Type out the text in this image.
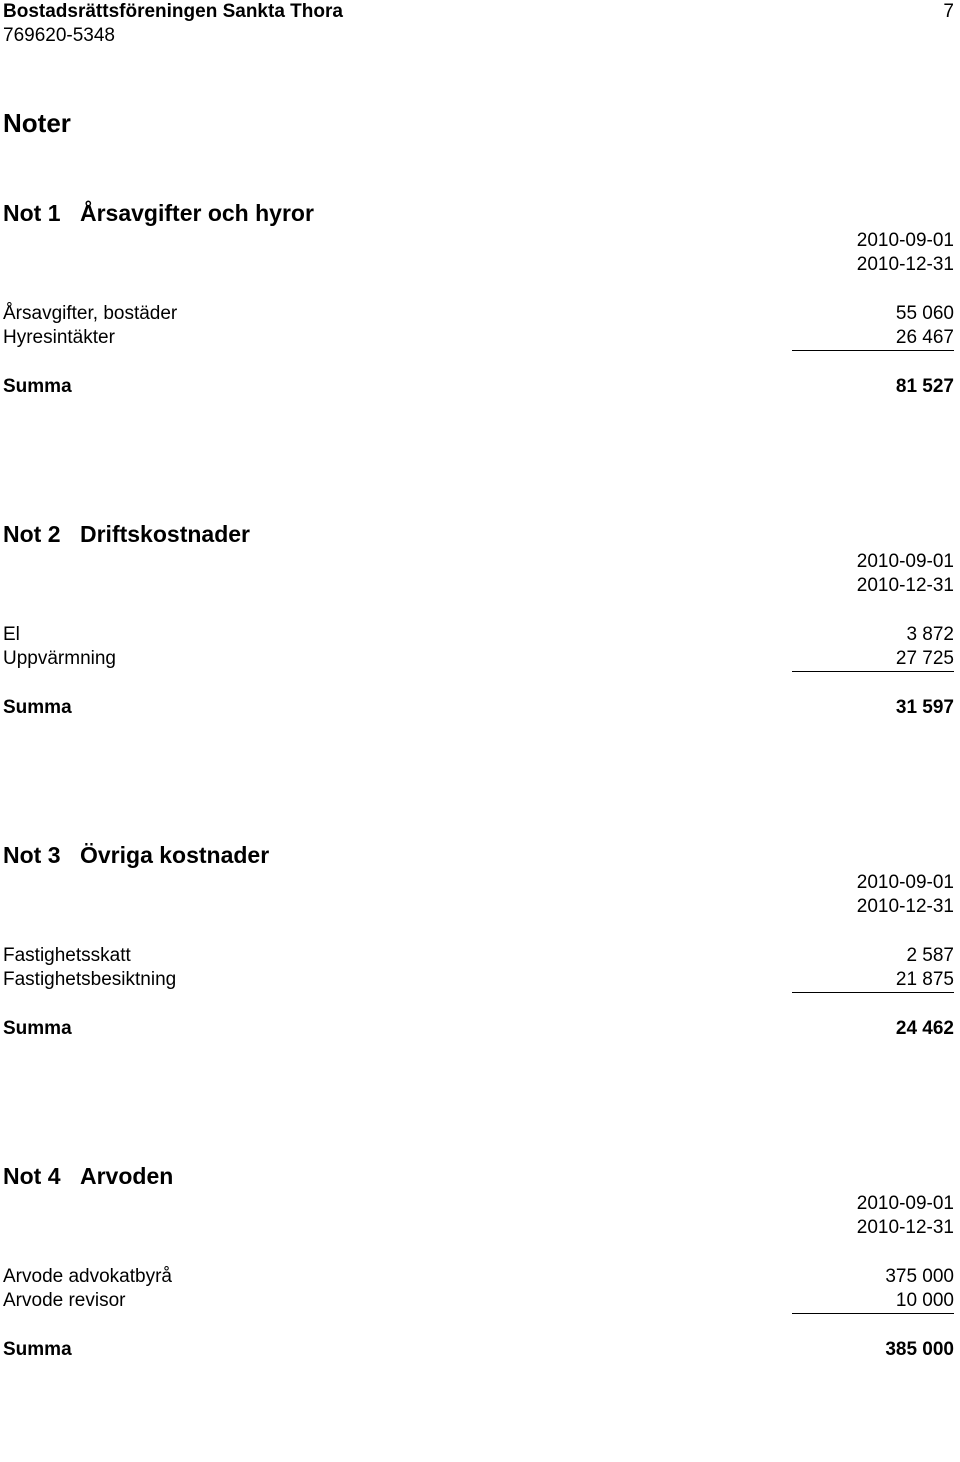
Bostadsrättsföreningen Sankta Thora
769620-5348
7
Noter
Not 1 Årsavgifter och hyror
2010-09-01
2010-12-31
Årsavgifter, bostäder	55 060
Hyresintäkter	26 467
Summa	81 527
Not 2 Driftskostnader
2010-09-01
2010-12-31
El	3 872
Uppvärmning	27 725
Summa	31 597
Not 3 Övriga kostnader
2010-09-01
2010-12-31
Fastighetsskatt	2 587
Fastighetsbesiktning	21 875
Summa	24 462
Not 4 Arvoden
2010-09-01
2010-12-31
Arvode advokatbyrå	375 000
Arvode revisor	10 000
Summa	385 000
